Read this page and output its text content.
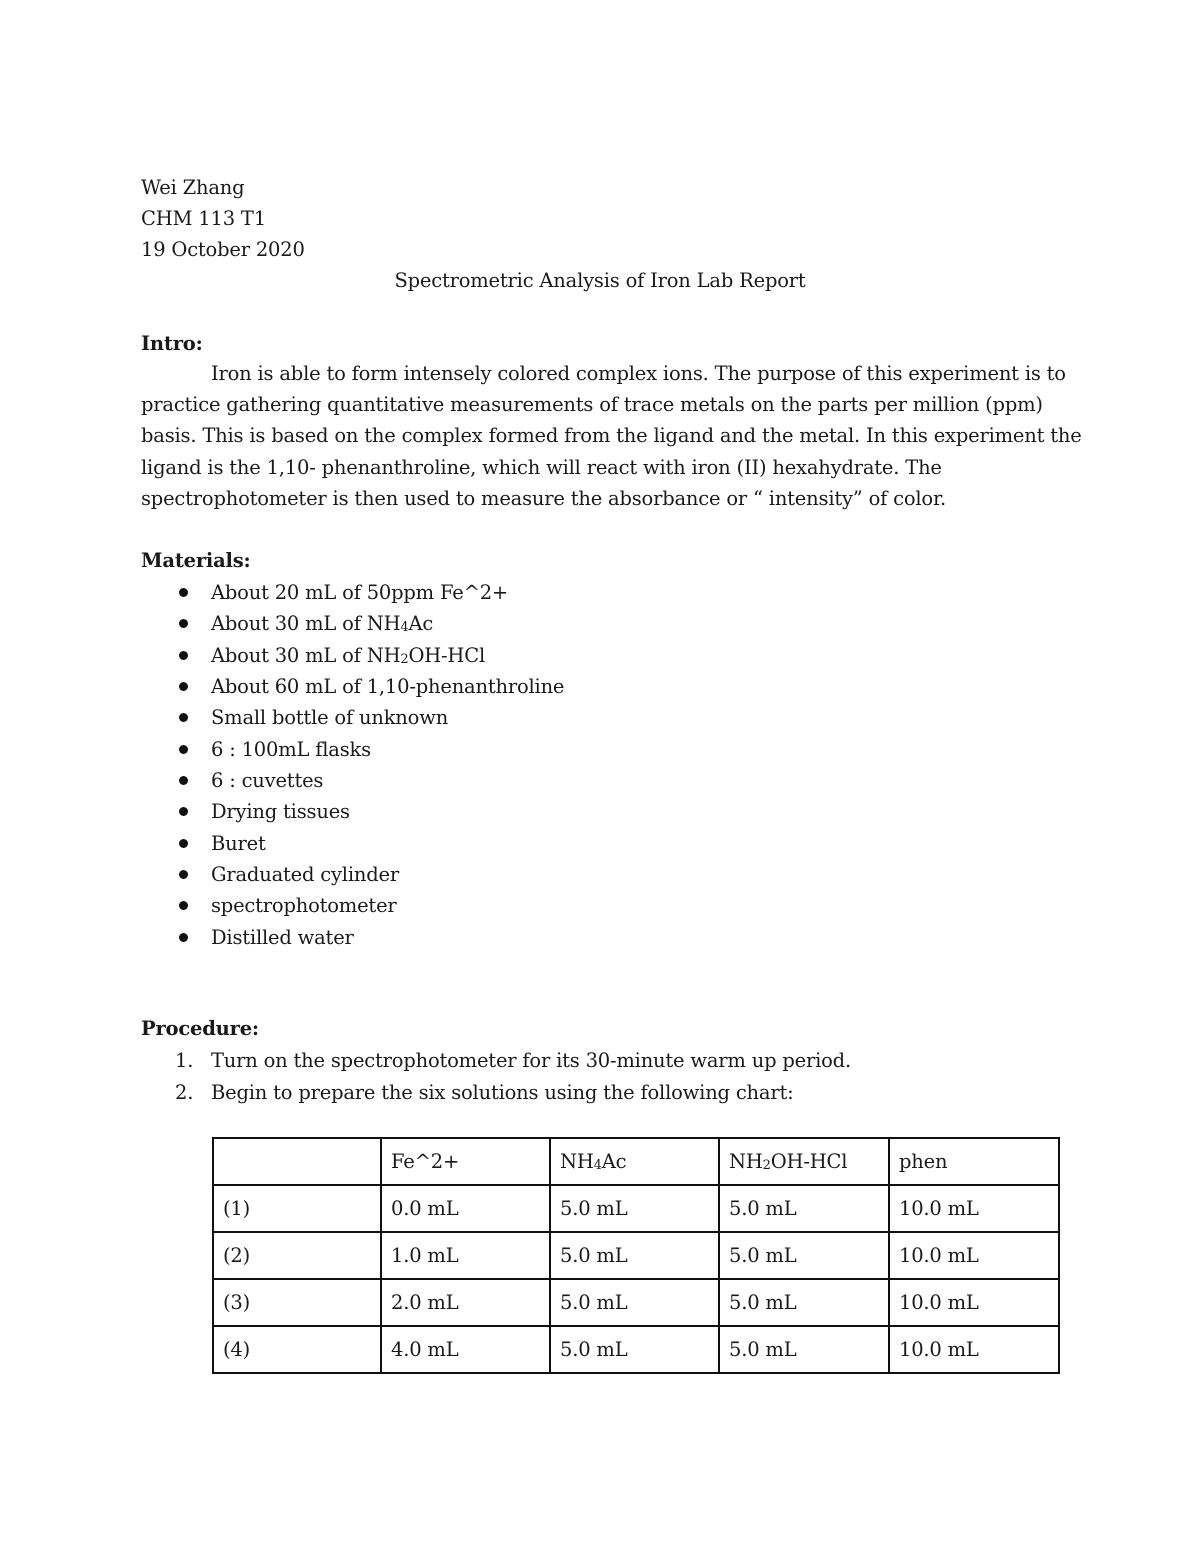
Wei Zhang
CHM 113 T1
19 October 2020
Spectrometric Analysis of Iron Lab Report
Intro:
Iron is able to form intensely colored complex ions. The purpose of this experiment is to
practice gathering quantitative measurements of trace metals on the parts per million (ppm)
basis. This is based on the complex formed from the ligand and the metal. In this experiment the
ligand is the 1,10- phenanthroline, which will react with iron (II) hexahydrate. The
spectrophotometer is then used to measure the absorbance or “ intensity” of color.
Materials:
About 20 mL of 50ppm Fe^2+
About 30 mL of $NH_4Ac$
About 30 mL of $NH_2OH$-HCl
About 60 mL of 1,10-phenanthroline
Small bottle of unknown
6 : 100mL flasks
6 : cuvettes
Drying tissues
Buret
Graduated cylinder
spectrophotometer
Distilled water
Procedure:
1. Turn on the spectrophotometer for its 30-minute warm up period.
2. Begin to prepare the six solutions using the following chart:
	Fe^2+	$NH_4Ac$	$NH_2OH$-HCl	phen
(1)	0.0 mL	5.0 mL	5.0 mL	10.0 mL
(2)	1.0 mL	5.0 mL	5.0 mL	10.0 mL
(3)	2.0 mL	5.0 mL	5.0 mL	10.0 mL
(4)	4.0 mL	5.0 mL	5.0 mL	10.0 mL
